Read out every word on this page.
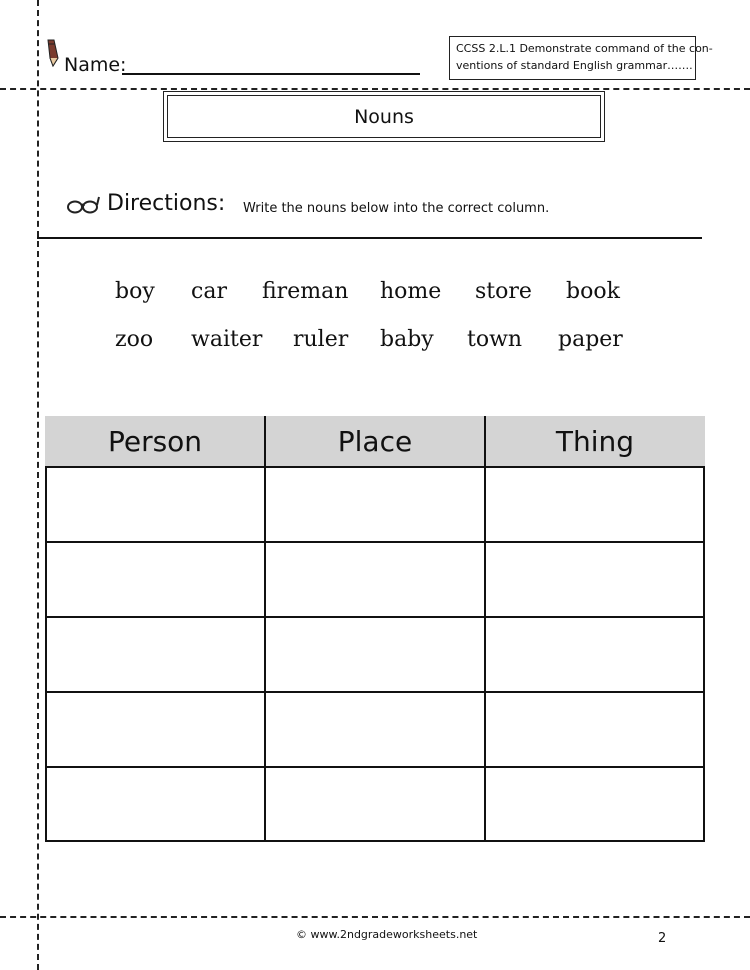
Name:
CCSS 2.L.1 Demonstrate command of the con-
ventions of standard English grammar…….
Nouns
Directions: Write the nouns below into the correct column.
boy car fireman home store book
zoo waiter ruler baby town paper
Person	Place	Thing
© www.2ndgradeworksheets.net	2
